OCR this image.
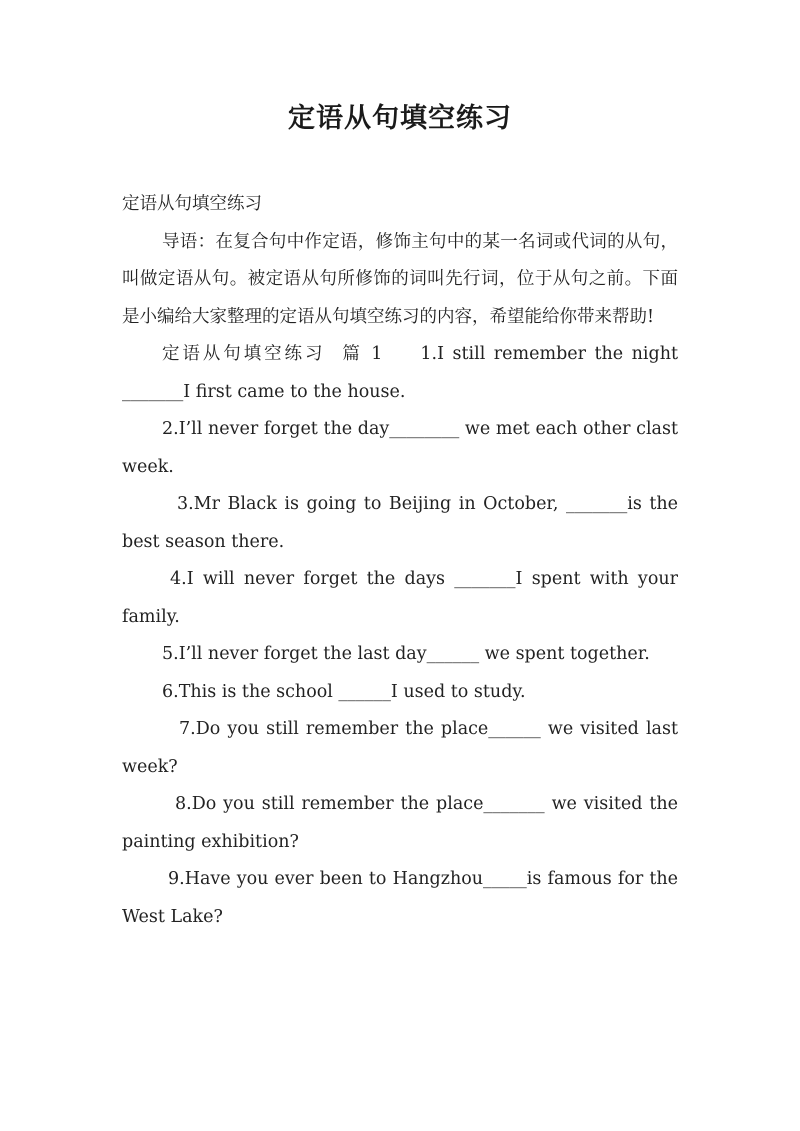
定语从句填空练习

定语从句填空练习

导语：在复合句中作定语，修饰主句中的某一名词或代词的从句，叫做定语从句。被定语从句所修饰的词叫先行词，位于从句之前。下面是小编给大家整理的定语从句填空练习的内容，希望能给你带来帮助!

定语从句填空练习 篇 1 1.I still remember the night _______I first came to the house.

2.I’ll never forget the day________ we met each other clast week.

3.Mr Black is going to Beijing in October, _______is the best season there.

4.I will never forget the days _______I spent with your family.

5.I’ll never forget the last day______ we spent together.

6.This is the school ______I used to study.

7.Do you still remember the place______ we visited last week?

8.Do you still remember the place_______ we visited the painting exhibition?

9.Have you ever been to Hangzhou_____is famous for the West Lake?
